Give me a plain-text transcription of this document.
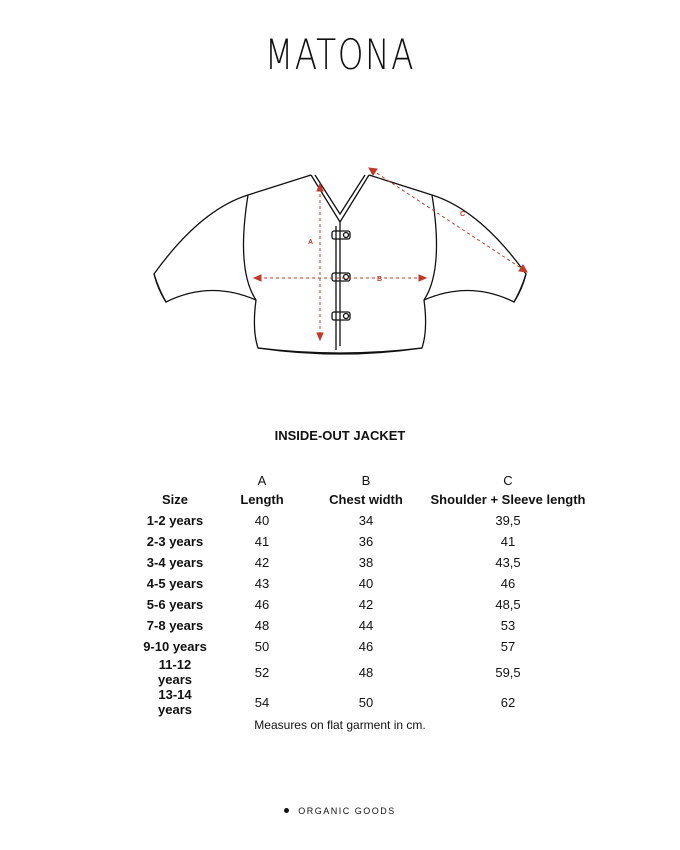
MATONA
A
B
C
INSIDE-OUT JACKET
	A	B	C
Size	Length	Chest width	Shoulder + Sleeve length
1-2 years	40	34	39,5
2-3 years	41	36	41
3-4 years	42	38	43,5
4-5 years	43	40	46
5-6 years	46	42	48,5
7-8 years	48	44	53
9-10 years	50	46	57
11-12 years	52	48	59,5
13-14 years	54	50	62
Measures on flat garment in cm.
ORGANIC GOODS
